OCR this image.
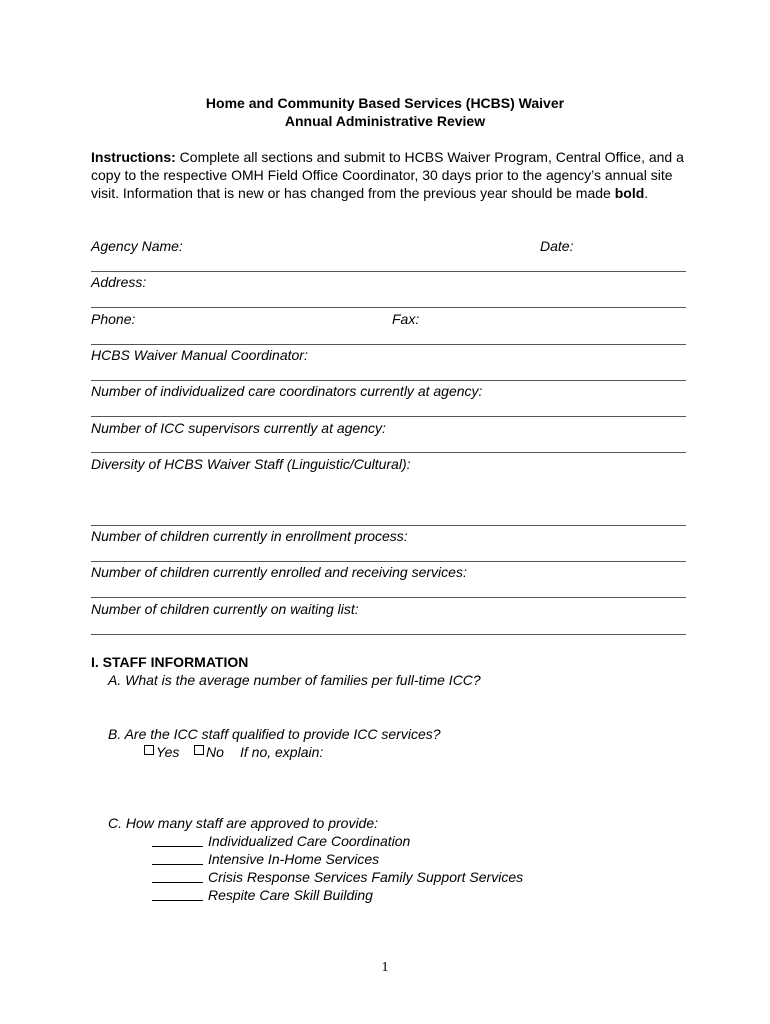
Home and Community Based Services (HCBS) Waiver
Annual Administrative Review
Instructions: Complete all sections and submit to HCBS Waiver Program, Central Office, and a copy to the respective OMH Field Office Coordinator, 30 days prior to the agency’s annual site visit. Information that is new or has changed from the previous year should be made bold.
Agency Name:	Date:
Address:
Phone:	Fax:
HCBS Waiver Manual Coordinator:
Number of individualized care coordinators currently at agency:
Number of ICC supervisors currently at agency:
Diversity of HCBS Waiver Staff (Linguistic/Cultural):
Number of children currently in enrollment process:
Number of children currently enrolled and receiving services:
Number of children currently on waiting list:
I. STAFF INFORMATION
A. What is the average number of families per full-time ICC?
B. Are the ICC staff qualified to provide ICC services?
Yes No If no, explain:
C. How many staff are approved to provide:
Individualized Care Coordination
Intensive In-Home Services
Crisis Response Services Family Support Services
Respite Care Skill Building
1
